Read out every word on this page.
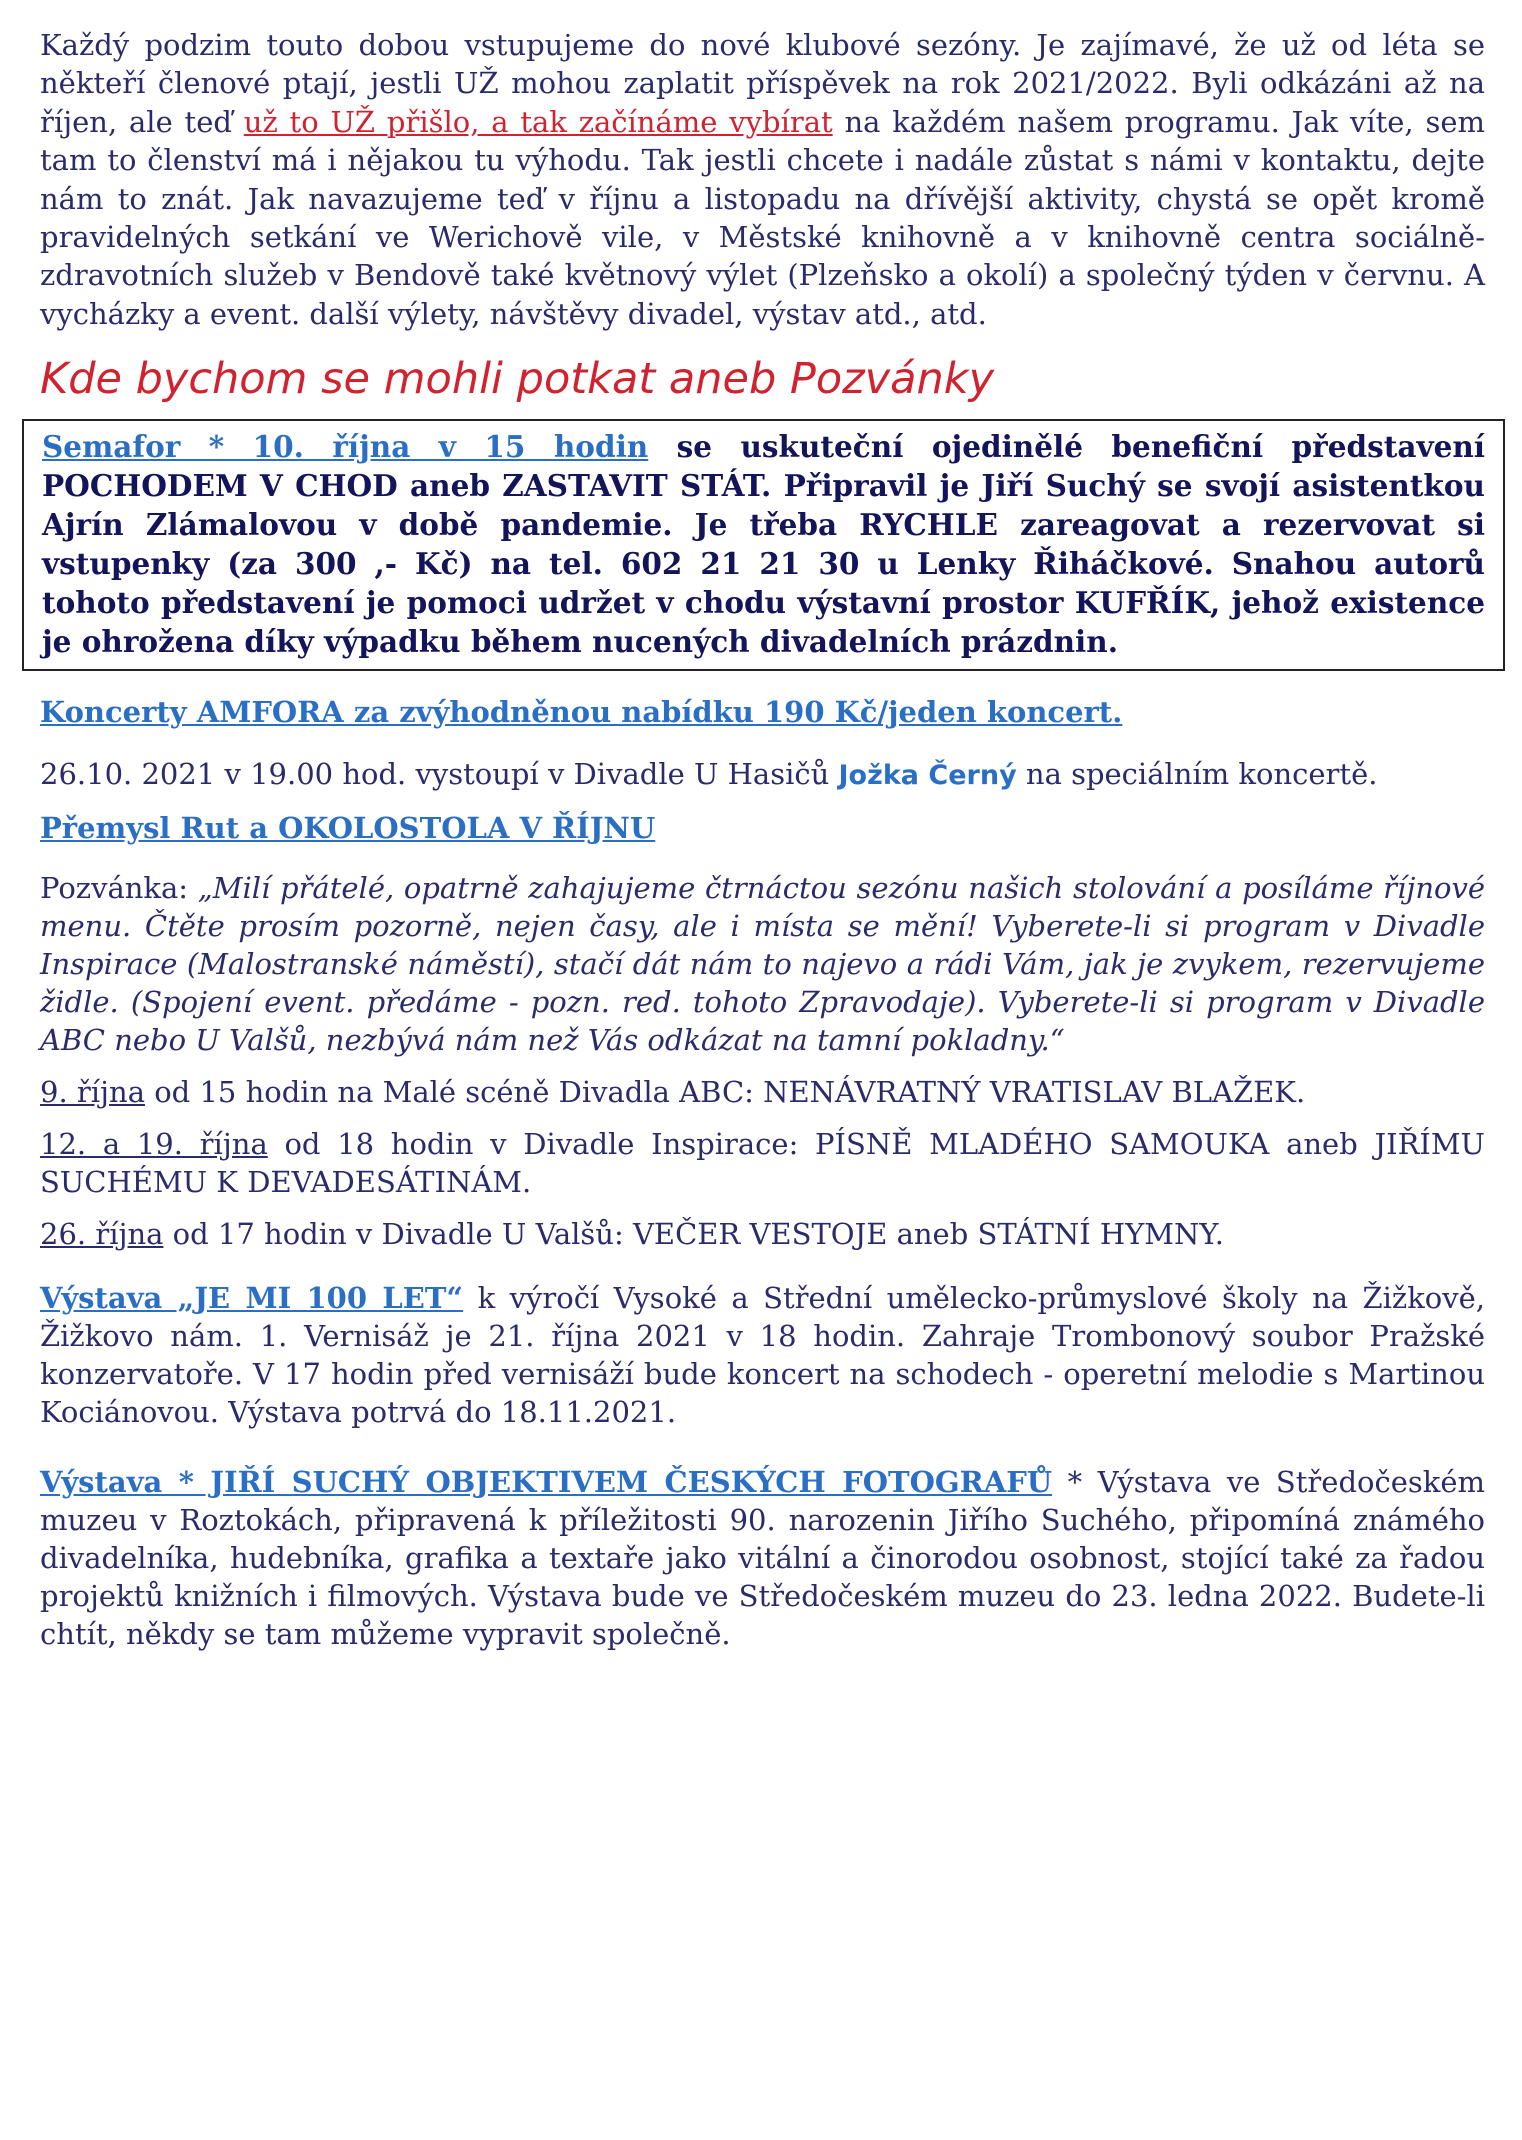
Každý podzim touto dobou vstupujeme do nové klubové sezóny. Je zajímavé, že už od léta se někteří členové ptají, jestli UŽ mohou zaplatit příspěvek na rok 2021/2022. Byli odkázáni až na říjen, ale teď už to UŽ přišlo, a tak začínáme vybírat na každém našem programu. Jak víte, sem tam to členství má i nějakou tu výhodu. Tak jestli chcete i nadále zůstat s námi v kontaktu, dejte nám to znát. Jak navazujeme teď v říjnu a listopadu na dřívější aktivity, chystá se opět kromě pravidelných setkání ve Werichově vile, v Městské knihovně a v knihovně centra sociálně-zdravotních služeb v Bendově také květnový výlet (Plzeňsko a okolí) a společný týden v červnu. A vycházky a event. další výlety, návštěvy divadel, výstav atd., atd.

Kde bychom se mohli potkat aneb Pozvánky

Semafor * 10. října v 15 hodin se uskuteční ojedinělé benefiční představení POCHODEM V CHOD aneb ZASTAVIT STÁT. Připravil je Jiří Suchý se svojí asistentkou Ajrín Zlámalovou v době pandemie. Je třeba RYCHLE zareagovat a rezervovat si vstupenky (za 300 ,- Kč) na tel. 602 21 21 30 u Lenky Řiháčkové. Snahou autorů tohoto představení je pomoci udržet v chodu výstavní prostor KUFŘÍK, jehož existence je ohrožena díky výpadku během nucených divadelních prázdnin.

Koncerty AMFORA za zvýhodněnou nabídku 190 Kč/jeden koncert.

26.10. 2021 v 19.00 hod. vystoupí v Divadle U Hasičů Jožka Černý na speciálním koncertě.

Přemysl Rut a OKOLOSTOLA V ŘÍJNU

Pozvánka: „Milí přátelé, opatrně zahajujeme čtrnáctou sezónu našich stolování a posíláme říjnové menu. Čtěte prosím pozorně, nejen časy, ale i místa se mění! Vyberete-li si program v Divadle Inspirace (Malostranské náměstí), stačí dát nám to najevo a rádi Vám, jak je zvykem, rezervujeme židle. (Spojení event. předáme - pozn. red. tohoto Zpravodaje). Vyberete-li si program v Divadle ABC nebo U Valšů, nezbývá nám než Vás odkázat na tamní pokladny.“

9. října od 15 hodin na Malé scéně Divadla ABC: NENÁVRATNÝ VRATISLAV BLAŽEK.

12. a 19. října od 18 hodin v Divadle Inspirace: PÍSNĚ MLADÉHO SAMOUKA aneb JIŘÍMU SUCHÉMU K DEVADESÁTINÁM.

26. října od 17 hodin v Divadle U Valšů: VEČER VESTOJE aneb STÁTNÍ HYMNY.

Výstava „JE MI 100 LET“ k výročí Vysoké a Střední umělecko-průmyslové školy na Žižkově, Žižkovo nám. 1. Vernisáž je 21. října 2021 v 18 hodin. Zahraje Trombonový soubor Pražské konzervatoře. V 17 hodin před vernisáží bude koncert na schodech - operetní melodie s Martinou Kociánovou. Výstava potrvá do 18.11.2021.

Výstava * JIŘÍ SUCHÝ OBJEKTIVEM ČESKÝCH FOTOGRAFŮ * Výstava ve Středočeském muzeu v Roztokách, připravená k příležitosti 90. narozenin Jiřího Suchého, připomíná známého divadelníka, hudebníka, grafika a textaře jako vitální a činorodou osobnost, stojící také za řadou projektů knižních i filmových. Výstava bude ve Středočeském muzeu do 23. ledna 2022. Budete-li chtít, někdy se tam můžeme vypravit společně.
